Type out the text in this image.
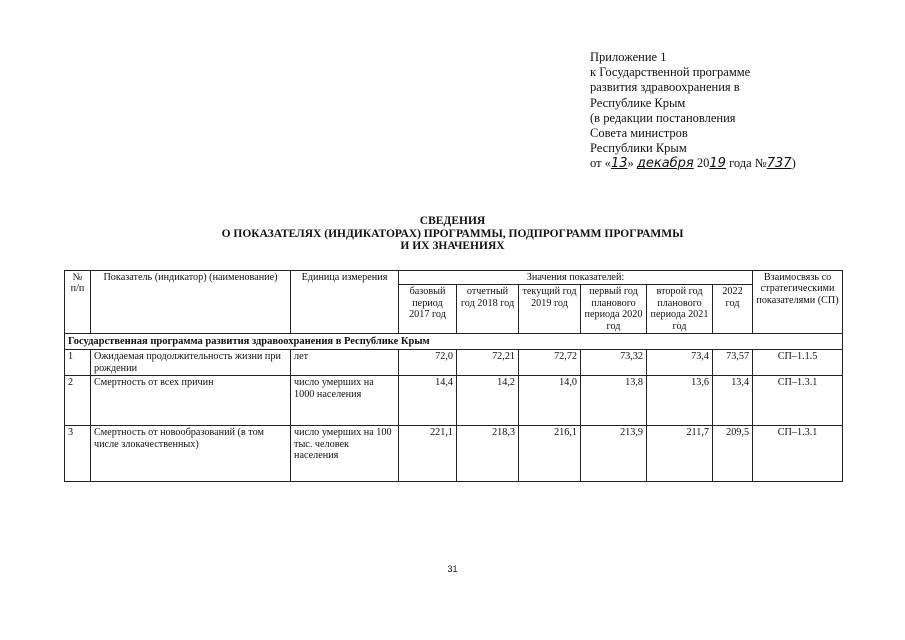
Приложение 1
к Государственной программе
развития здравоохранения в
Республике Крым
(в редакции постановления
Совета министров
Республики Крым
от «13» декабря 2019 года №737)
СВЕДЕНИЯ
О ПОКАЗАТЕЛЯХ (ИНДИКАТОРАХ) ПРОГРАММЫ, ПОДПРОГРАММ ПРОГРАММЫ
И ИХ ЗНАЧЕНИЯХ
№ п/п	Показатель (индикатор) (наименование)	Единица измерения	Значения показателей:						Взаимосвязь со стратегическими показателями (СП)
			базовый период 2017 год	отчетный год 2018 год	текущий год 2019 год	первый год планового периода 2020 год	второй год планового периода 2021 год	2022 год	
Государственная программа развития здравоохранения в Республике Крым									
1	Ожидаемая продолжительность жизни при рождении	лет	72,0	72,21	72,72	73,32	73,4	73,57	СП–1.1.5
2	Смертность от всех причин	число умерших на 1000 населения	14,4	14,2	14,0	13,8	13,6	13,4	СП–1.3.1
3	Смертность от новообразований (в том числе злокачественных)	число умерших на 100 тыс. человек населения	221,1	218,3	216,1	213,9	211,7	209,5	СП–1.3.1
31
